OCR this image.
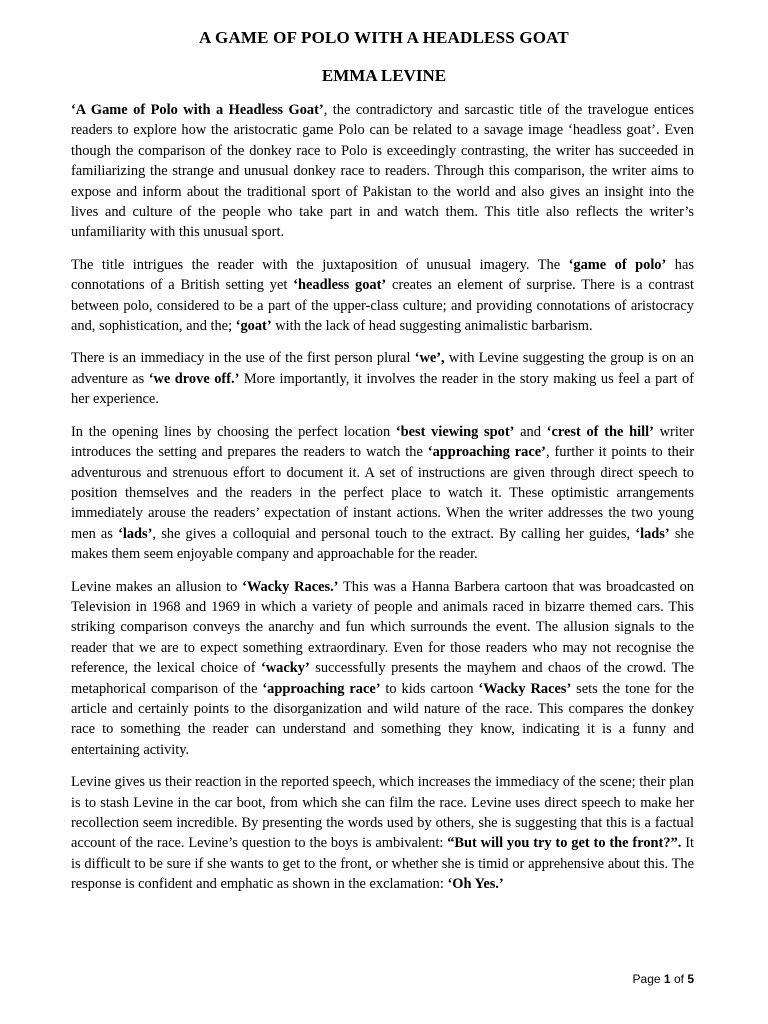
A GAME OF POLO WITH A HEADLESS GOAT
EMMA LEVINE

‘A Game of Polo with a Headless Goat’, the contradictory and sarcastic title of the travelogue entices readers to explore how the aristocratic game Polo can be related to a savage image ‘headless goat’. Even though the comparison of the donkey race to Polo is exceedingly contrasting, the writer has succeeded in familiarizing the strange and unusual donkey race to readers. Through this comparison, the writer aims to expose and inform about the traditional sport of Pakistan to the world and also gives an insight into the lives and culture of the people who take part in and watch them. This title also reflects the writer’s unfamiliarity with this unusual sport.

The title intrigues the reader with the juxtaposition of unusual imagery. The ‘game of polo’ has connotations of a British setting yet ‘headless goat’ creates an element of surprise. There is a contrast between polo, considered to be a part of the upper-class culture; and providing connotations of aristocracy and, sophistication, and the; ‘goat’ with the lack of head suggesting animalistic barbarism.

There is an immediacy in the use of the first person plural ‘we’, with Levine suggesting the group is on an adventure as ‘we drove off.’ More importantly, it involves the reader in the story making us feel a part of her experience.

In the opening lines by choosing the perfect location ‘best viewing spot’ and ‘crest of the hill’ writer introduces the setting and prepares the readers to watch the ‘approaching race’, further it points to their adventurous and strenuous effort to document it. A set of instructions are given through direct speech to position themselves and the readers in the perfect place to watch it. These optimistic arrangements immediately arouse the readers’ expectation of instant actions. When the writer addresses the two young men as ‘lads’, she gives a colloquial and personal touch to the extract. By calling her guides, ‘lads’ she makes them seem enjoyable company and approachable for the reader.

Levine makes an allusion to ‘Wacky Races.’ This was a Hanna Barbera cartoon that was broadcasted on Television in 1968 and 1969 in which a variety of people and animals raced in bizarre themed cars. This striking comparison conveys the anarchy and fun which surrounds the event. The allusion signals to the reader that we are to expect something extraordinary. Even for those readers who may not recognise the reference, the lexical choice of ‘wacky’ successfully presents the mayhem and chaos of the crowd. The metaphorical comparison of the ‘approaching race’ to kids cartoon ‘Wacky Races’ sets the tone for the article and certainly points to the disorganization and wild nature of the race. This compares the donkey race to something the reader can understand and something they know, indicating it is a funny and entertaining activity.

Levine gives us their reaction in the reported speech, which increases the immediacy of the scene; their plan is to stash Levine in the car boot, from which she can film the race. Levine uses direct speech to make her recollection seem incredible. By presenting the words used by others, she is suggesting that this is a factual account of the race. Levine’s question to the boys is ambivalent: “But will you try to get to the front?”. It is difficult to be sure if she wants to get to the front, or whether she is timid or apprehensive about this. The response is confident and emphatic as shown in the exclamation: ‘Oh Yes.’

Page 1 of 5
